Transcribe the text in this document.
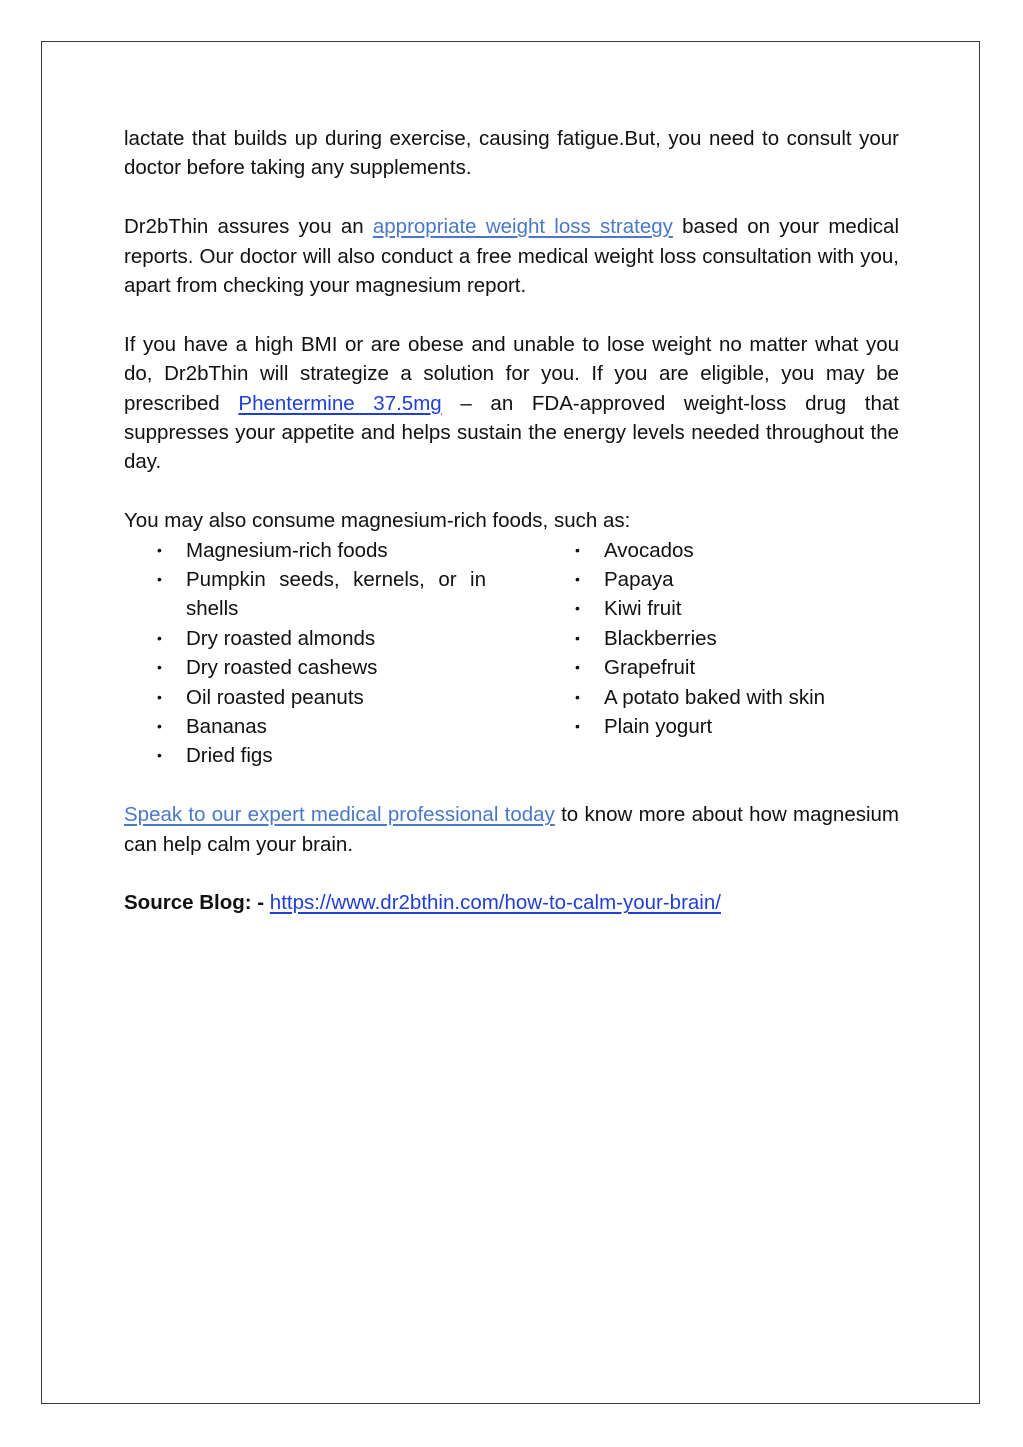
lactate that builds up during exercise, causing fatigue.But, you need to consult your doctor before taking any supplements.

Dr2bThin assures you an appropriate weight loss strategy based on your medical reports. Our doctor will also conduct a free medical weight loss consultation with you, apart from checking your magnesium report.

If you have a high BMI or are obese and unable to lose weight no matter what you do, Dr2bThin will strategize a solution for you. If you are eligible, you may be prescribed Phentermine 37.5mg – an FDA-approved weight-loss drug that suppresses your appetite and helps sustain the energy levels needed throughout the day.

You may also consume magnesium-rich foods, such as:

• Magnesium-rich foods
• Pumpkin seeds, kernels, or in shells
• Dry roasted almonds
• Dry roasted cashews
• Oil roasted peanuts
• Bananas
• Dried figs
• Avocados
• Papaya
• Kiwi fruit
• Blackberries
• Grapefruit
• A potato baked with skin
• Plain yogurt

Speak to our expert medical professional today to know more about how magnesium can help calm your brain.

Source Blog: - https://www.dr2bthin.com/how-to-calm-your-brain/
